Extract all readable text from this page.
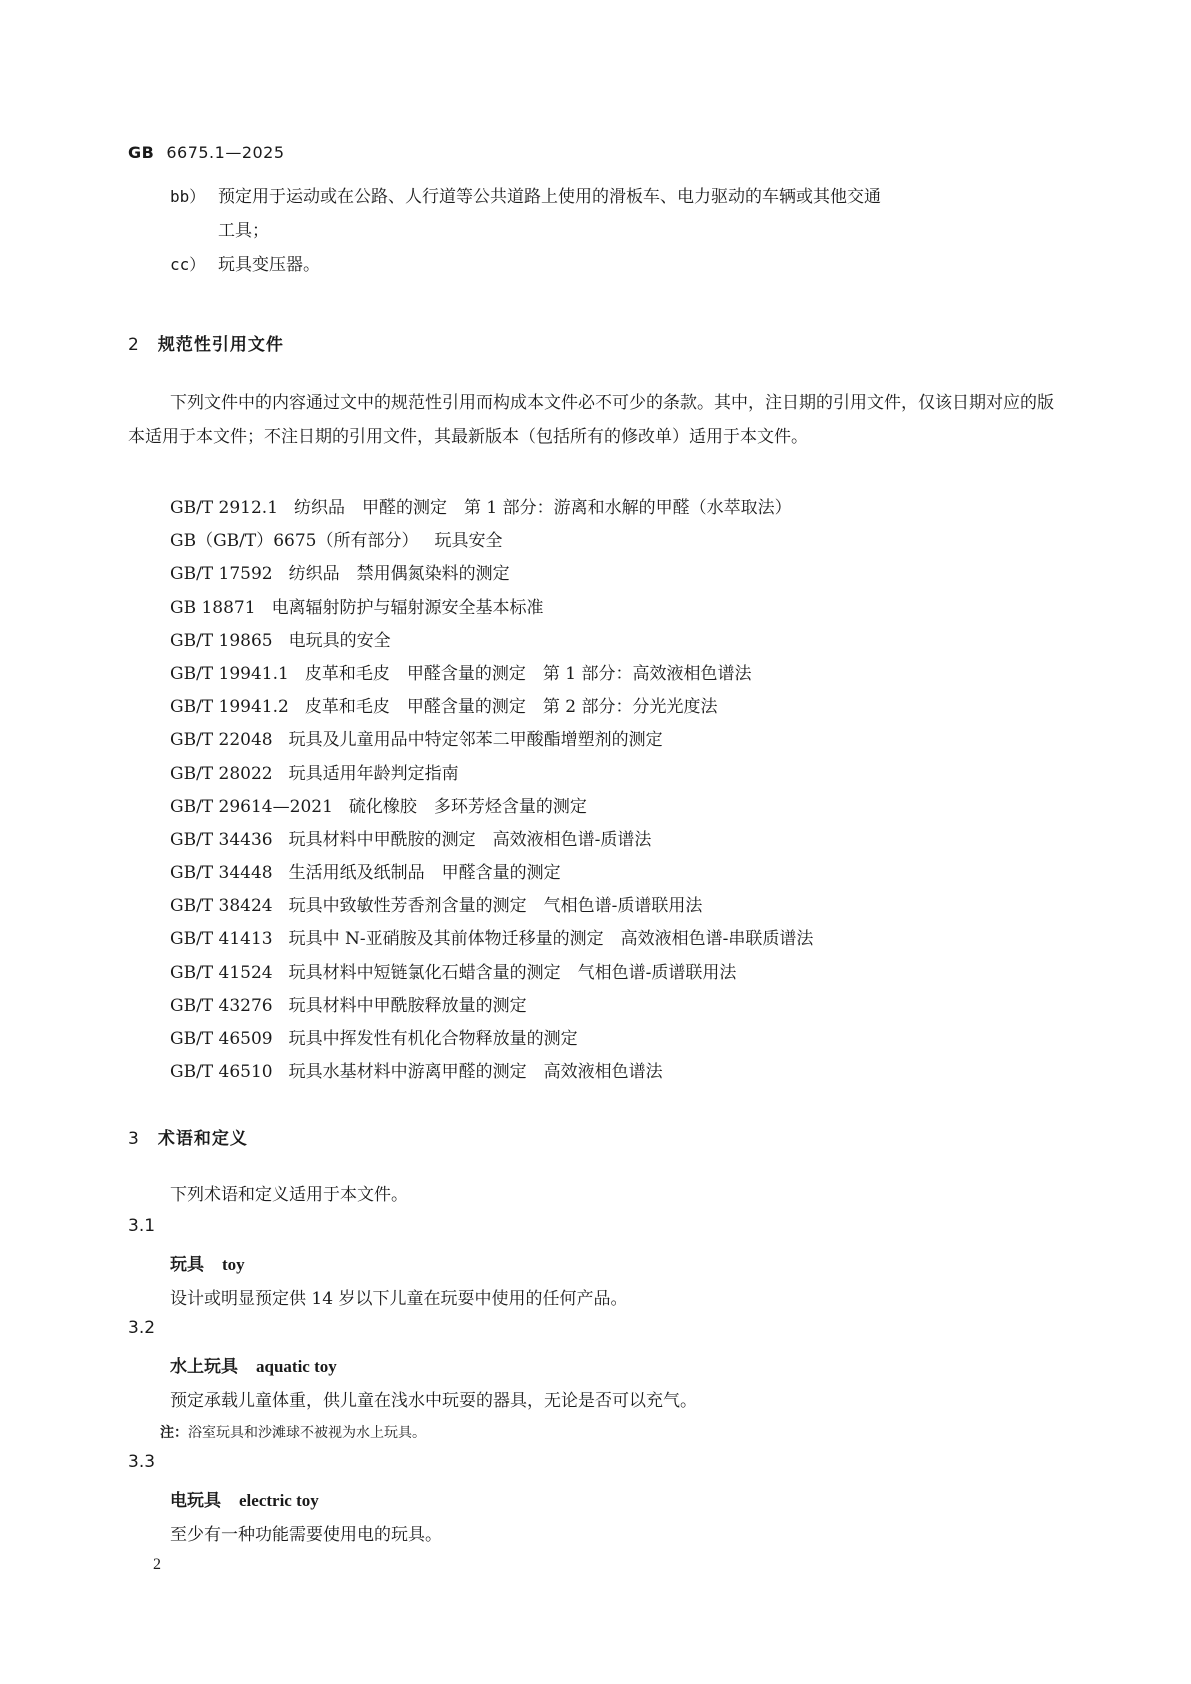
GB 6675.1—2025
bb） 预定用于运动或在公路、人行道等公共道路上使用的滑板车、电力驱动的车辆或其他交通
工具；
cc） 玩具变压器。
2 规范性引用文件
下列文件中的内容通过文中的规范性引用而构成本文件必不可少的条款。其中，注日期的引用文件，仅该日期对应的版本适用于本文件；不注日期的引用文件，其最新版本（包括所有的修改单）适用于本文件。
GB/T 2912.1 纺织品　甲醛的测定　第 1 部分：游离和水解的甲醛（水萃取法）
GB（GB/T）6675（所有部分） 玩具安全
GB/T 17592 纺织品　禁用偶氮染料的测定
GB 18871 电离辐射防护与辐射源安全基本标准
GB/T 19865 电玩具的安全
GB/T 19941.1 皮革和毛皮　甲醛含量的测定　第 1 部分：高效液相色谱法
GB/T 19941.2 皮革和毛皮　甲醛含量的测定　第 2 部分：分光光度法
GB/T 22048 玩具及儿童用品中特定邻苯二甲酸酯增塑剂的测定
GB/T 28022 玩具适用年龄判定指南
GB/T 29614—2021 硫化橡胶　多环芳烃含量的测定
GB/T 34436 玩具材料中甲酰胺的测定　高效液相色谱-质谱法
GB/T 34448 生活用纸及纸制品　甲醛含量的测定
GB/T 38424 玩具中致敏性芳香剂含量的测定　气相色谱-质谱联用法
GB/T 41413 玩具中 N-亚硝胺及其前体物迁移量的测定　高效液相色谱-串联质谱法
GB/T 41524 玩具材料中短链氯化石蜡含量的测定　气相色谱-质谱联用法
GB/T 43276 玩具材料中甲酰胺释放量的测定
GB/T 46509 玩具中挥发性有机化合物释放量的测定
GB/T 46510 玩具水基材料中游离甲醛的测定　高效液相色谱法
3 术语和定义
下列术语和定义适用于本文件。
3.1
玩具 toy
设计或明显预定供 14 岁以下儿童在玩耍中使用的任何产品。
3.2
水上玩具 aquatic toy
预定承载儿童体重，供儿童在浅水中玩耍的器具，无论是否可以充气。
注：浴室玩具和沙滩球不被视为水上玩具。
3.3
电玩具 electric toy
至少有一种功能需要使用电的玩具。
2
